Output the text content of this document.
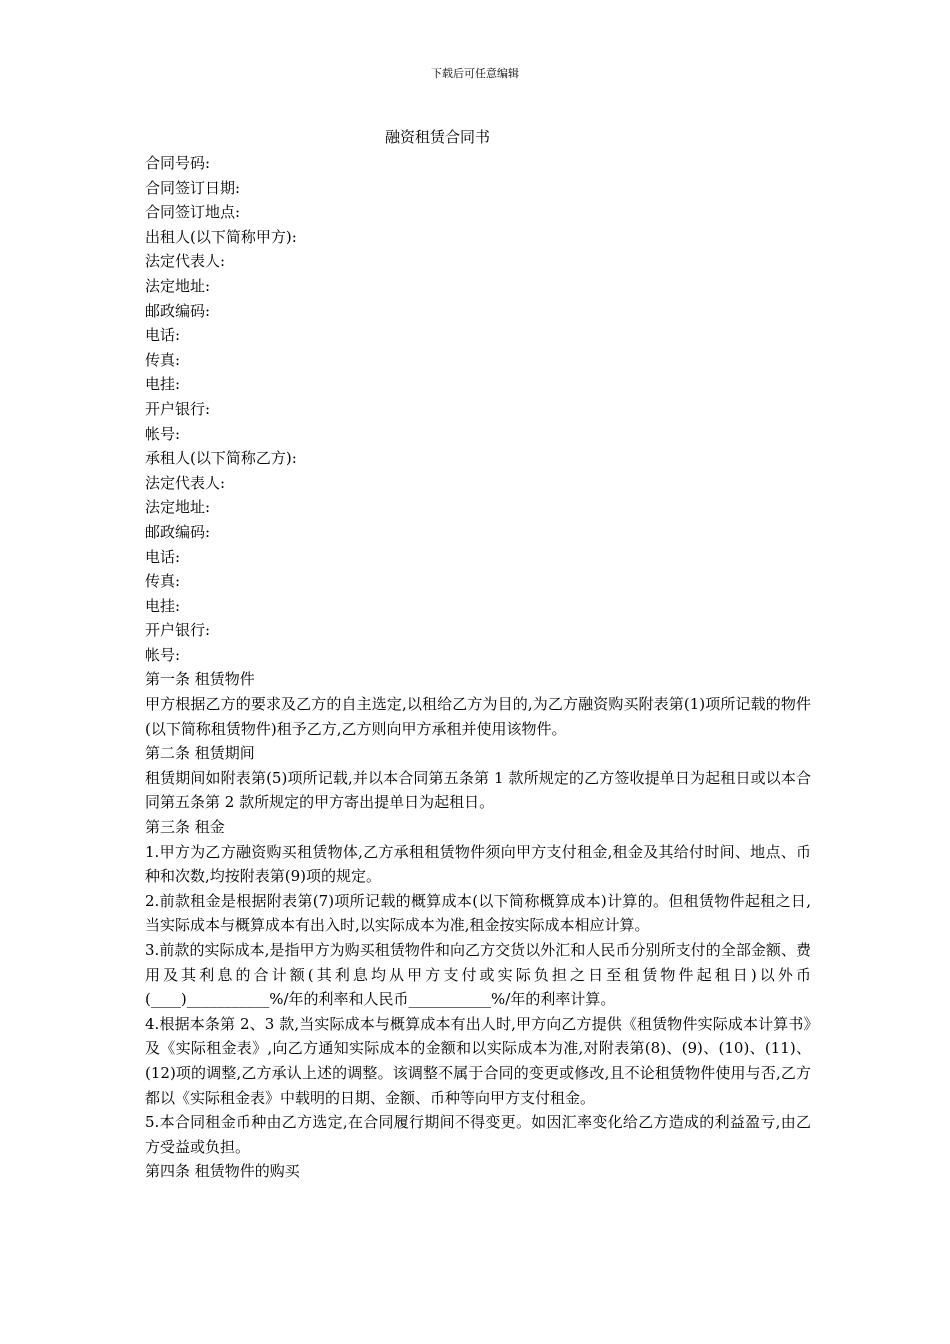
下载后可任意编辑
融资租赁合同书
合同号码:
合同签订日期:
合同签订地点:
出租人(以下简称甲方):
法定代表人:
法定地址:
邮政编码:
电话:
传真:
电挂:
开户银行:
帐号:
承租人(以下简称乙方):
法定代表人:
法定地址:
邮政编码:
电话:
传真:
电挂:
开户银行:
帐号:
第一条 租赁物件

甲方根据乙方的要求及乙方的自主选定,以租给乙方为目的,为乙方融资购买附表第(1)项所记载的物件(以下简称租赁物件)租予乙方,乙方则向甲方承租并使用该物件。

第二条 租赁期间

租赁期间如附表第(5)项所记载,并以本合同第五条第 1 款所规定的乙方签收提单日为起租日或以本合同第五条第 2 款所规定的甲方寄出提单日为起租日。

第三条 租金

1.甲方为乙方融资购买租赁物体,乙方承租租赁物件须向甲方支付租金,租金及其给付时间、地点、币种和次数,均按附表第(9)项的规定。

2.前款租金是根据附表第(7)项所记载的概算成本(以下简称概算成本)计算的。但租赁物件起租之日,当实际成本与概算成本有出入时,以实际成本为准,租金按实际成本相应计算。

3.前款的实际成本,是指甲方为购买租赁物件和向乙方交货以外汇和人民币分别所支付的全部金额、费用及其利息的合计额(其利息均从甲方支付或实际负担之日至租赁物件起租日)以外币(____)___________%/年的利率和人民币___________%/年的利率计算。

4.根据本条第 2、3 款,当实际成本与概算成本有出人时,甲方向乙方提供《租赁物件实际成本计算书》及《实际租金表》,向乙方通知实际成本的金额和以实际成本为准,对附表第(8)、(9)、(10)、(11)、(12)项的调整,乙方承认上述的调整。该调整不属于合同的变更或修改,且不论租赁物件使用与否,乙方都以《实际租金表》中载明的日期、金额、币种等向甲方支付租金。

5.本合同租金币种由乙方选定,在合同履行期间不得变更。如因汇率变化给乙方造成的利益盈亏,由乙方受益或负担。

第四条 租赁物件的购买
